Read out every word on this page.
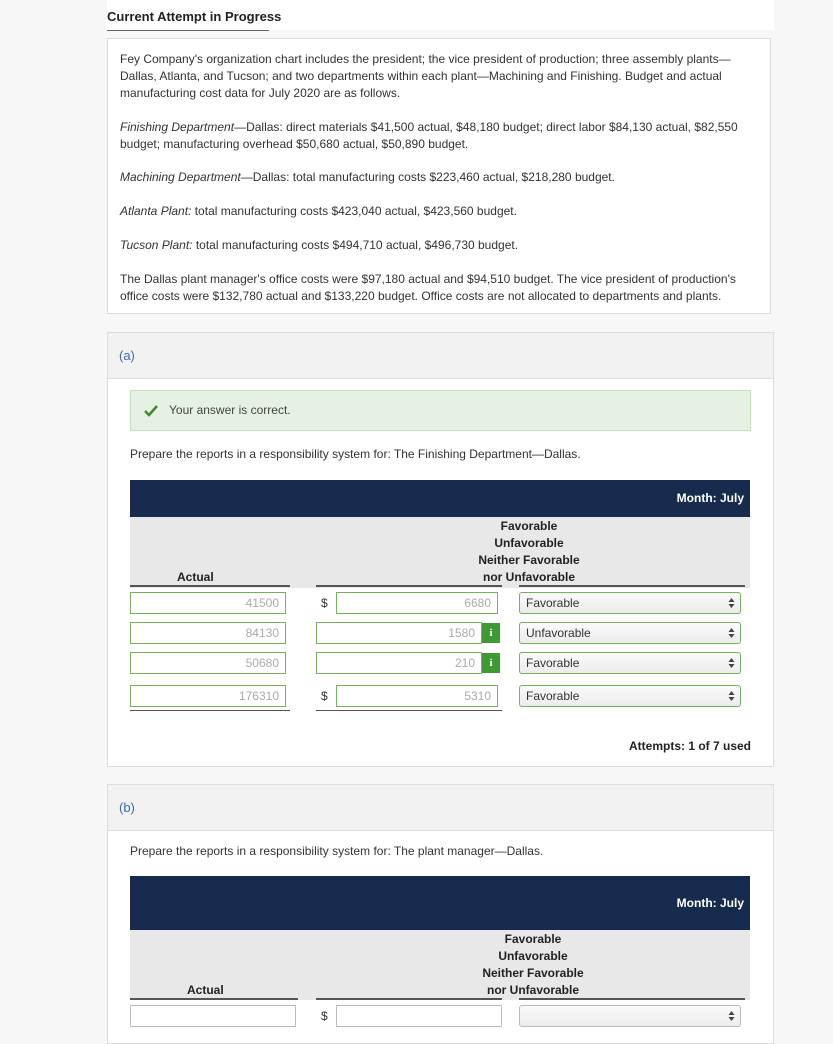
Current Attempt in Progress
Fey Company's organization chart includes the president; the vice president of production; three assembly plants—Dallas, Atlanta, and Tucson; and two departments within each plant—Machining and Finishing. Budget and actual manufacturing cost data for July 2020 are as follows.
Finishing Department—Dallas: direct materials $41,500 actual, $48,180 budget; direct labor $84,130 actual, $82,550 budget; manufacturing overhead $50,680 actual, $50,890 budget.
Machining Department—Dallas: total manufacturing costs $223,460 actual, $218,280 budget.
Atlanta Plant: total manufacturing costs $423,040 actual, $423,560 budget.
Tucson Plant: total manufacturing costs $494,710 actual, $496,730 budget.
The Dallas plant manager's office costs were $97,180 actual and $94,510 budget. The vice president of production's office costs were $132,780 actual and $133,220 budget. Office costs are not allocated to departments and plants.
(a)
Your answer is correct.
Prepare the reports in a responsibility system for: The Finishing Department—Dallas.
Month: July
Favorable
Unfavorable
Neither Favorable
nor Unfavorable
Actual
41500	$	6680	Favorable
84130	1580	i	Unfavorable
50680	210	i	Favorable
176310	$	5310	Favorable
Attempts: 1 of 7 used
(b)
Prepare the reports in a responsibility system for: The plant manager—Dallas.
Month: July
Favorable
Unfavorable
Neither Favorable
nor Unfavorable
Actual
$
